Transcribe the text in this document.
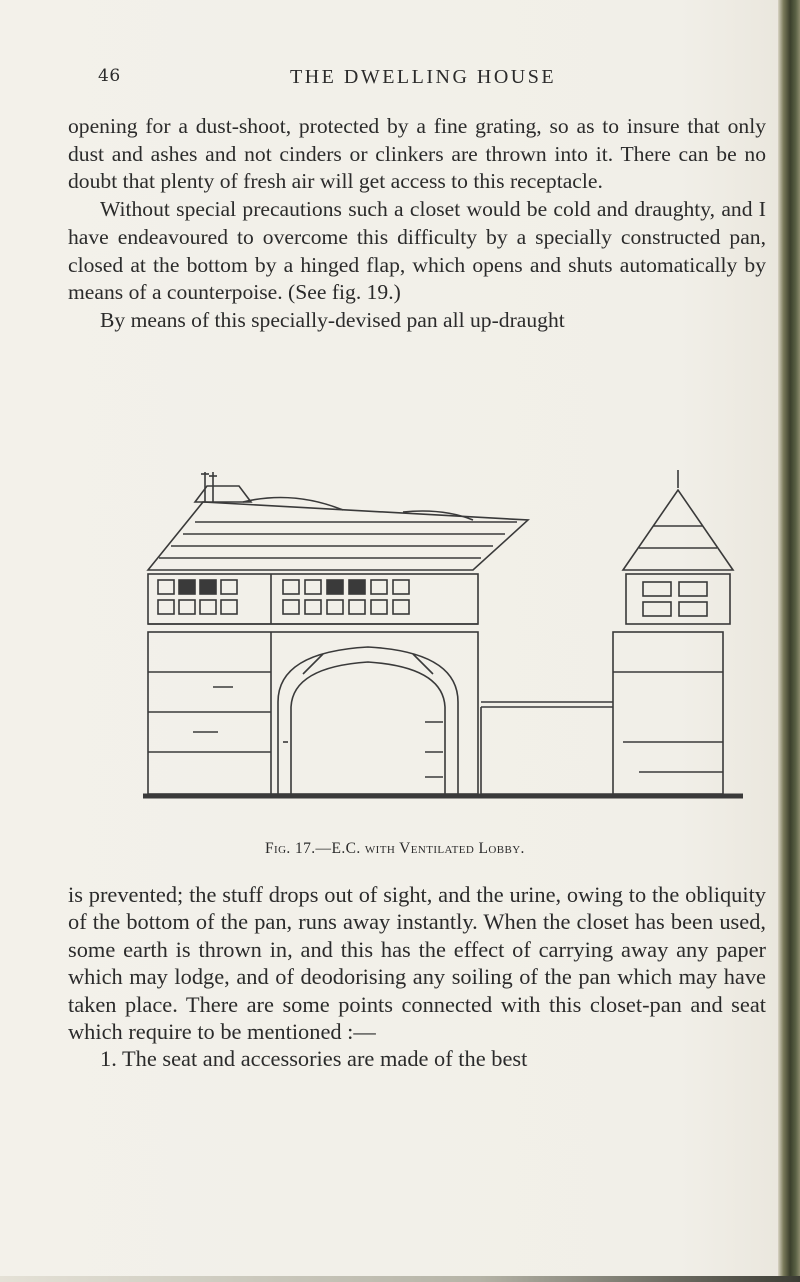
46	THE DWELLING HOUSE

opening for a dust-shoot, protected by a fine grating, so as to insure that only dust and ashes and not cinders or clinkers are thrown into it. There can be no doubt that plenty of fresh air will get access to this receptacle.

Without special precautions such a closet would be cold and draughty, and I have endeavoured to overcome this difficulty by a specially constructed pan, closed at the bottom by a hinged flap, which opens and shuts automatically by means of a counterpoise. (See fig. 19.)

By means of this specially-devised pan all up-draught

Fig. 17.—E.C. with Ventilated Lobby.

is prevented; the stuff drops out of sight, and the urine, owing to the obliquity of the bottom of the pan, runs away instantly. When the closet has been used, some earth is thrown in, and this has the effect of carrying away any paper which may lodge, and of deodorising any soiling of the pan which may have taken place. There are some points connected with this closet-pan and seat which require to be mentioned :—

1. The seat and accessories are made of the best
